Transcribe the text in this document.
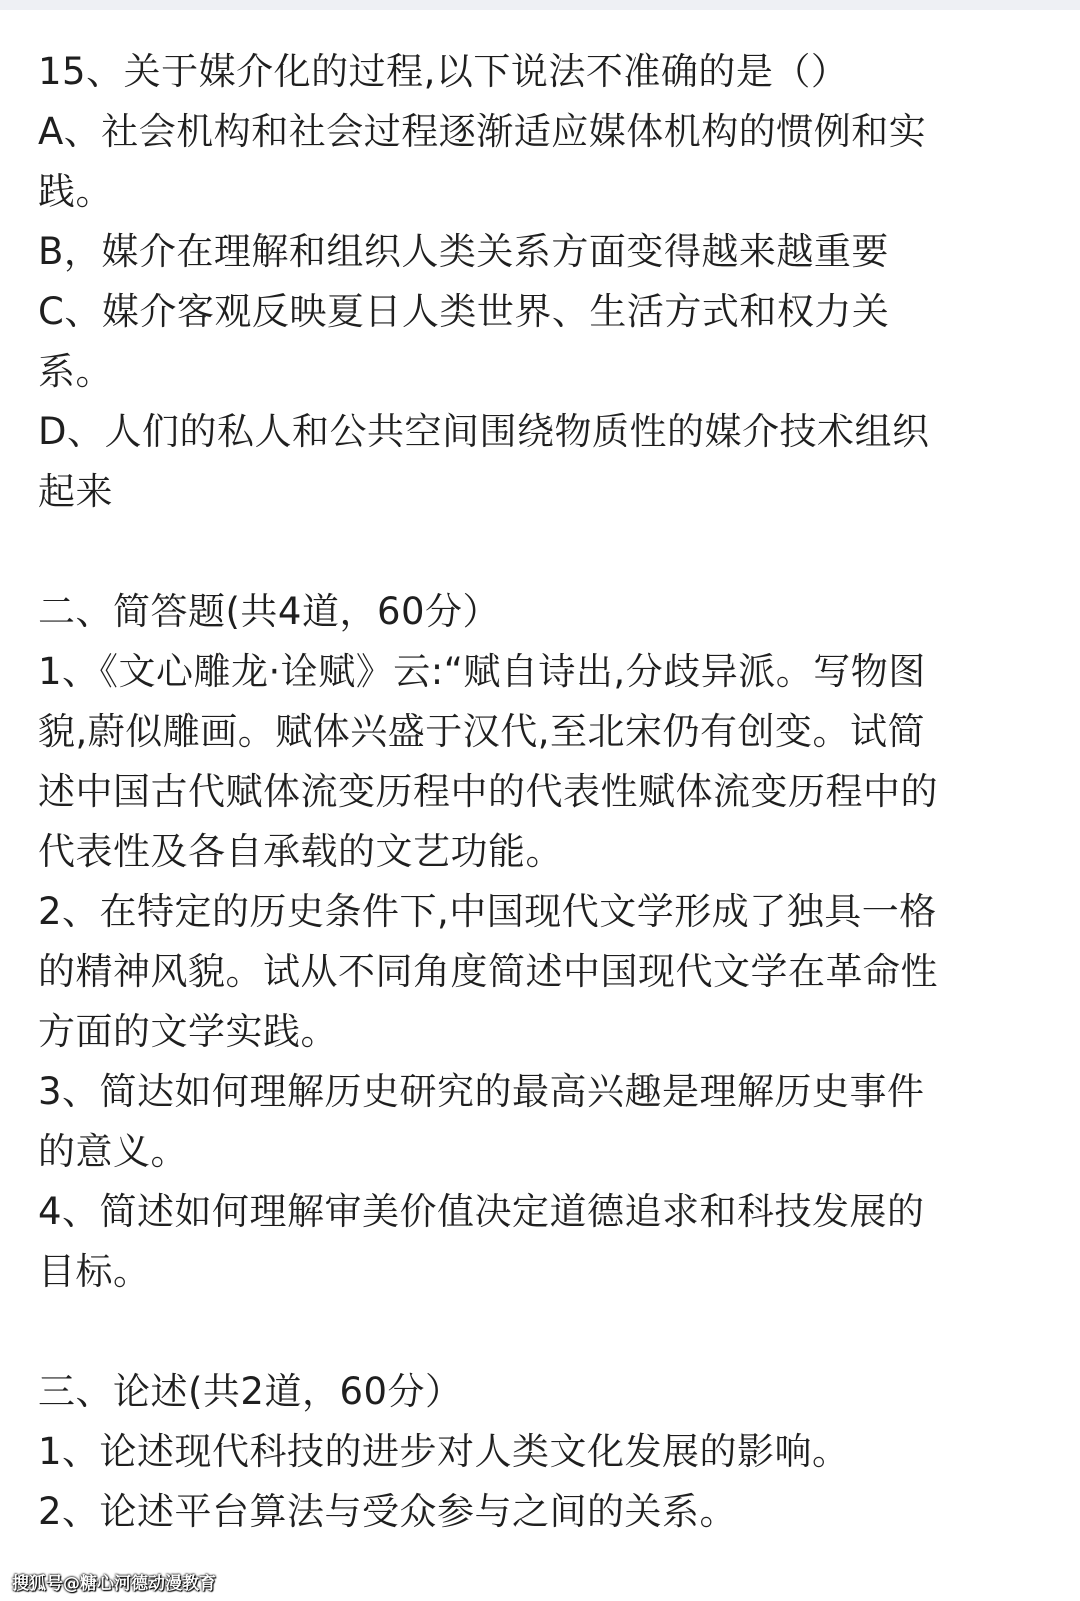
15、关于媒介化的过程,以下说法不准确的是（）
A、社会机构和社会过程逐渐适应媒体机构的惯例和实
践。
B，媒介在理解和组织人类关系方面变得越来越重要
C、媒介客观反映夏日人类世界、生活方式和权力关
系。
D、人们的私人和公共空间围绕物质性的媒介技术组织
起来
二、简答题(共4道，60分）
1、《文心雕龙·诠赋》云:“赋自诗出,分歧异派。写物图
貌,蔚似雕画。赋体兴盛于汉代,至北宋仍有创变。试简
述中国古代赋体流变历程中的代表性赋体流变历程中的
代表性及各自承载的文艺功能。
2、在特定的历史条件下,中国现代文学形成了独具一格
的精神风貌。试从不同角度简述中国现代文学在革命性
方面的文学实践。
3、简达如何理解历史研究的最高兴趣是理解历史事件
的意义。
4、简述如何理解审美价值决定道德追求和科技发展的
目标。
三、论述(共2道，60分）
1、论述现代科技的进步对人类文化发展的影响。
2、论述平台算法与受众参与之间的关系。
搜狐号@糖心河德动漫教育
